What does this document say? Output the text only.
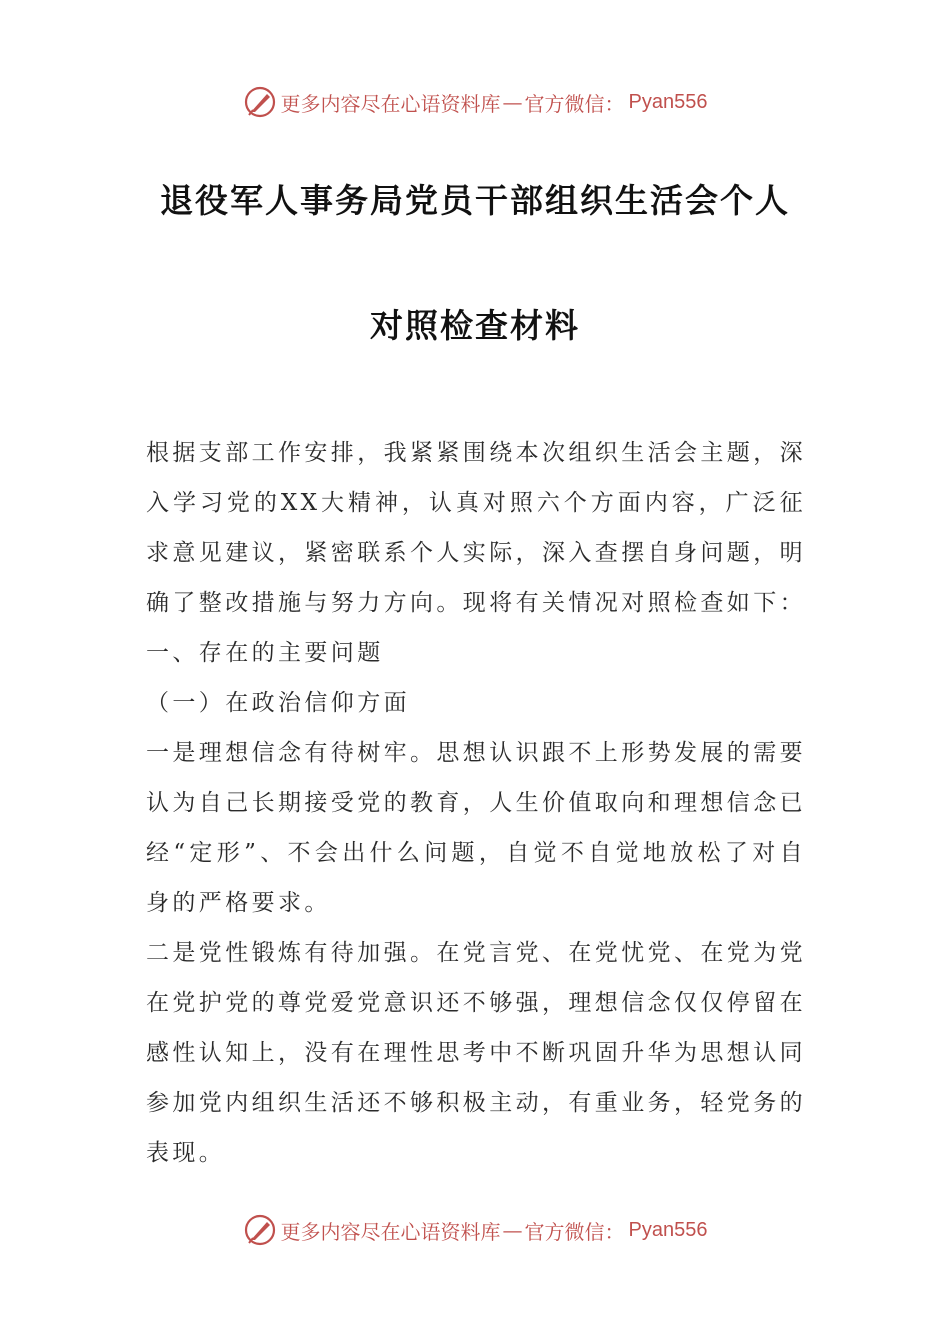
更多内容尽在心语资料库 — 官方微信： Pyan556
退役军人事务局党员干部组织生活会个人
对照检查材料

根据支部工作安排，我紧紧围绕本次组织生活会主题，深入学习党的XX大精神，认真对照六个方面内容，广泛征求意见建议，紧密联系个人实际，深入查摆自身问题，明确了整改措施与努力方向。现将有关情况对照检查如下：

一、存在的主要问题

（一）在政治信仰方面

一是理想信念有待树牢。思想认识跟不上形势发展的需要认为自己长期接受党的教育，人生价值取向和理想信念已经“定形”、不会出什么问题，自觉不自觉地放松了对自身的严格要求。

二是党性锻炼有待加强。在党言党、在党忧党、在党为党在党护党的尊党爱党意识还不够强，理想信念仅仅停留在感性认知上，没有在理性思考中不断巩固升华为思想认同参加党内组织生活还不够积极主动，有重业务，轻党务的表现。

更多内容尽在心语资料库 — 官方微信： Pyan556
